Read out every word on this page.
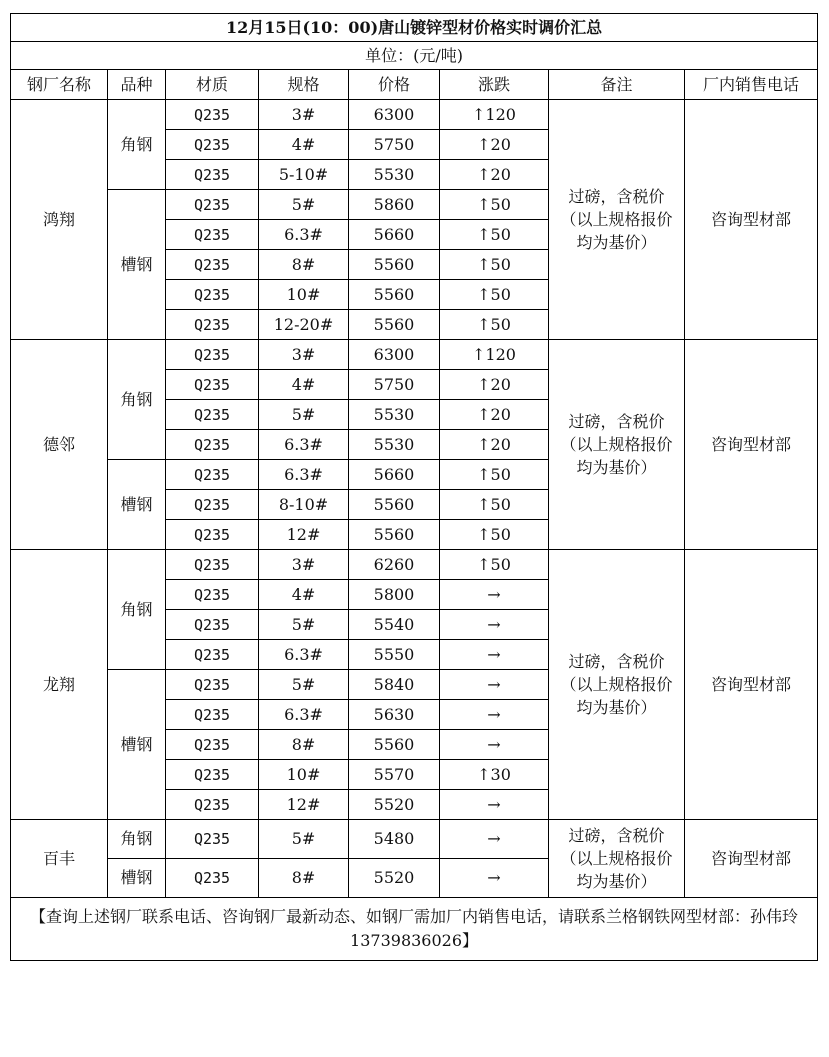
12月15日(10：00)唐山镀锌型材价格实时调价汇总							
单位：(元/吨)							
钢厂名称	品种	材质	规格	价格	涨跌	备注	厂内销售电话
鸿翔	角钢	Q235	3#	6300	↑120	过磅，含税价（以上规格报价均为基价）	咨询型材部
		Q235	4#	5750	↑20		
		Q235	5-10#	5530	↑20		
	槽钢	Q235	5#	5860	↑50		
		Q235	6.3#	5660	↑50		
		Q235	8#	5560	↑50		
		Q235	10#	5560	↑50		
		Q235	12-20#	5560	↑50		
德邻	角钢	Q235	3#	6300	↑120	过磅，含税价（以上规格报价均为基价）	咨询型材部
		Q235	4#	5750	↑20		
		Q235	5#	5530	↑20		
		Q235	6.3#	5530	↑20		
	槽钢	Q235	6.3#	5660	↑50		
		Q235	8-10#	5560	↑50		
		Q235	12#	5560	↑50		
龙翔	角钢	Q235	3#	6260	↑50	过磅，含税价（以上规格报价均为基价）	咨询型材部
		Q235	4#	5800	→		
		Q235	5#	5540	→		
		Q235	6.3#	5550	→		
	槽钢	Q235	5#	5840	→		
		Q235	6.3#	5630	→		
		Q235	8#	5560	→		
		Q235	10#	5570	↑30		
		Q235	12#	5520	→		
百丰	角钢	Q235	5#	5480	→	过磅，含税价（以上规格报价均为基价）	咨询型材部
	槽钢	Q235	8#	5520	→		
【查询上述钢厂联系电话、咨询钢厂最新动态、如钢厂需加厂内销售电话，请联系兰格钢铁网型材部：孙伟玲13739836026】							
